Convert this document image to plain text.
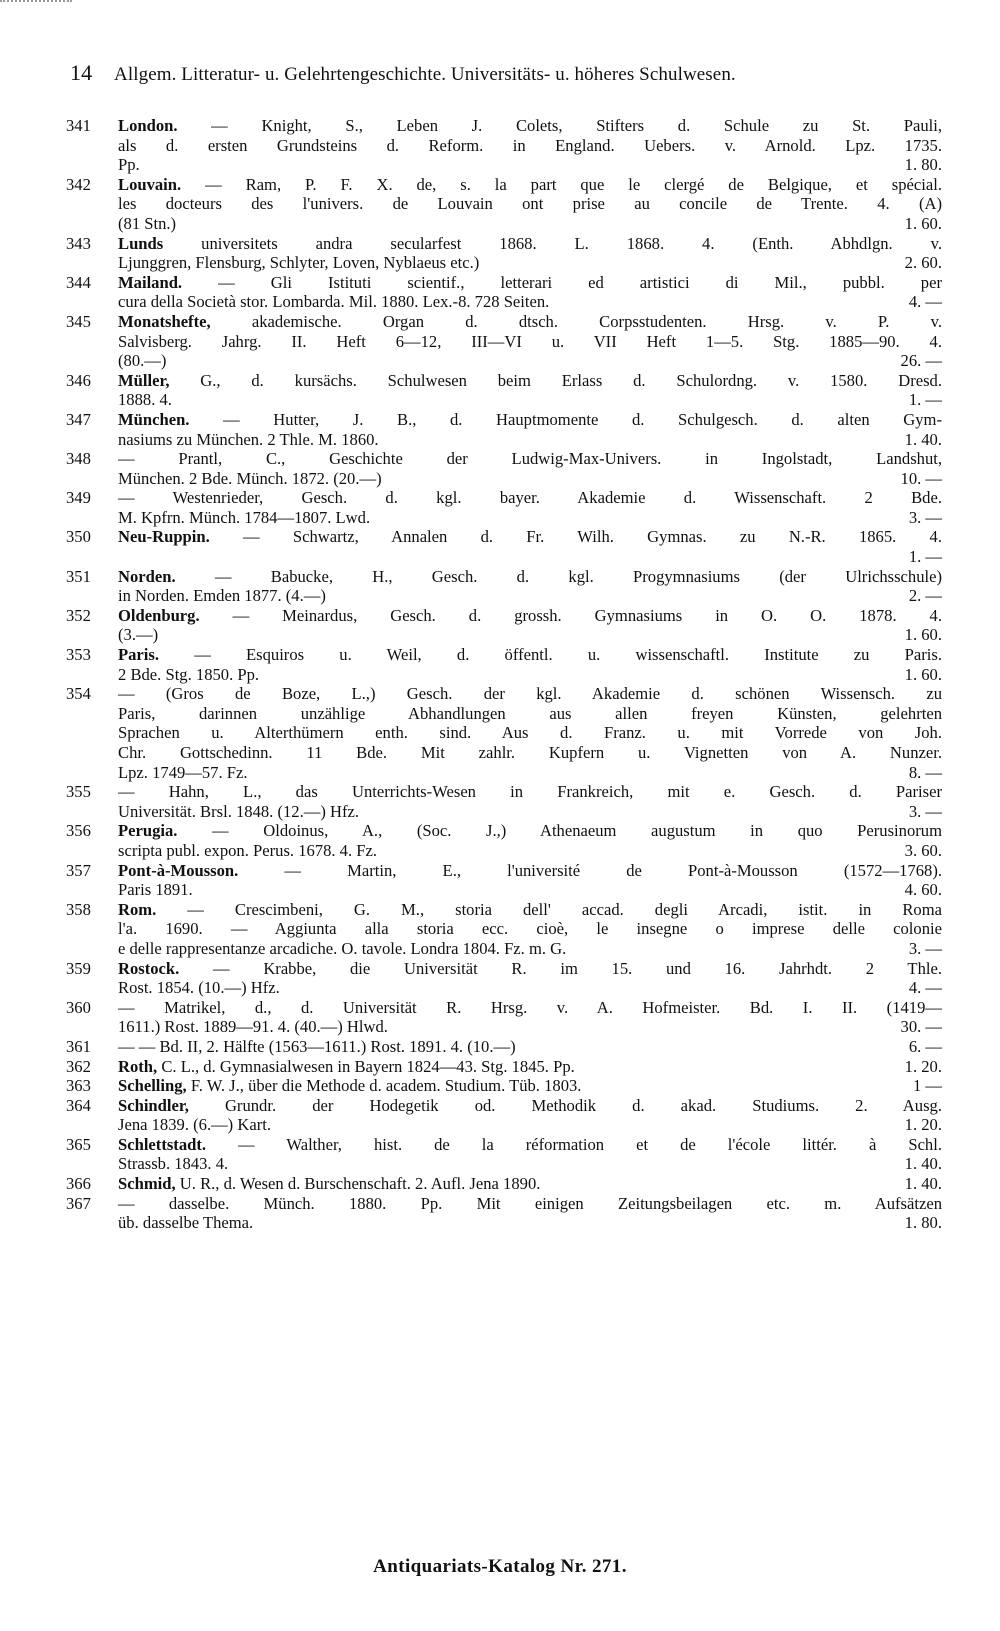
14 Allgem. Litteratur- u. Gelehrtengeschichte. Universitäts- u. höheres Schulwesen.
341	London. — Knight, S., Leben J. Colets, Stifters d. Schule zu St. Pauli,
als d. ersten Grundsteins d. Reform. in England. Uebers. v. Arnold. Lpz. 1735.
Pp.	1. 80.
342	Louvain. — Ram, P. F. X. de, s. la part que le clergé de Belgique, et spécial.
les docteurs des l'univers. de Louvain ont prise au concile de Trente. 4. (A)
(81 Stn.)	1. 60.
343	Lunds universitets andra secularfest 1868. L. 1868. 4. (Enth. Abhdlgn. v.
Ljunggren, Flensburg, Schlyter, Loven, Nyblaeus etc.)	2. 60.
344	Mailand. — Gli Istituti scientif., letterari ed artistici di Mil., pubbl. per
cura della Società stor. Lombarda. Mil. 1880. Lex.-8. 728 Seiten.	4. —
345	Monatshefte, akademische. Organ d. dtsch. Corpsstudenten. Hrsg. v. P. v.
Salvisberg. Jahrg. II. Heft 6—12, III—VI u. VII Heft 1—5. Stg. 1885—90. 4.
(80.—)	26. —
346	Müller, G., d. kursächs. Schulwesen beim Erlass d. Schulordng. v. 1580. Dresd.
1888. 4.	1. —
347	München. — Hutter, J. B., d. Hauptmomente d. Schulgesch. d. alten Gym-
nasiums zu München. 2 Thle. M. 1860.	1. 40.
348	— Prantl, C., Geschichte der Ludwig-Max-Univers. in Ingolstadt, Landshut,
München. 2 Bde. Münch. 1872. (20.—)	10. —
349	— Westenrieder, Gesch. d. kgl. bayer. Akademie d. Wissenschaft. 2 Bde.
M. Kpfrn. Münch. 1784—1807. Lwd.	3. —
350	Neu-Ruppin. — Schwartz, Annalen d. Fr. Wilh. Gymnas. zu N.-R. 1865. 4.
1. —
351	Norden. — Babucke, H., Gesch. d. kgl. Progymnasiums (der Ulrichsschule)
in Norden. Emden 1877. (4.—)	2. —
352	Oldenburg. — Meinardus, Gesch. d. grossh. Gymnasiums in O. O. 1878. 4.
(3.—)	1. 60.
353	Paris. — Esquiros u. Weil, d. öffentl. u. wissenschaftl. Institute zu Paris.
2 Bde. Stg. 1850. Pp.	1. 60.
354	— (Gros de Boze, L.,) Gesch. der kgl. Akademie d. schönen Wissensch. zu
Paris, darinnen unzählige Abhandlungen aus allen freyen Künsten, gelehrten
Sprachen u. Alterthümern enth. sind. Aus d. Franz. u. mit Vorrede von Joh.
Chr. Gottschedinn. 11 Bde. Mit zahlr. Kupfern u. Vignetten von A. Nunzer.
Lpz. 1749—57. Fz.	8. —
355	— Hahn, L., das Unterrichts-Wesen in Frankreich, mit e. Gesch. d. Pariser
Universität. Brsl. 1848. (12.—) Hfz.	3. —
356	Perugia. — Oldoinus, A., (Soc. J.,) Athenaeum augustum in quo Perusinorum
scripta publ. expon. Perus. 1678. 4. Fz.	3. 60.
357	Pont-à-Mousson. — Martin, E., l'université de Pont-à-Mousson (1572—1768).
Paris 1891.	4. 60.
358	Rom. — Crescimbeni, G. M., storia dell' accad. degli Arcadi, istit. in Roma
l'a. 1690. — Aggiunta alla storia ecc. cioè, le insegne o imprese delle colonie
e delle rappresentanze arcadiche. O. tavole. Londra 1804. Fz. m. G.	3. —
359	Rostock. — Krabbe, die Universität R. im 15. und 16. Jahrhdt. 2 Thle.
Rost. 1854. (10.—) Hfz.	4. —
360	— Matrikel, d., d. Universität R. Hrsg. v. A. Hofmeister. Bd. I. II. (1419—
1611.) Rost. 1889—91. 4. (40.—) Hlwd.	30. —
361	— — Bd. II, 2. Hälfte (1563—1611.) Rost. 1891. 4. (10.—)	6. —
362	Roth, C. L., d. Gymnasialwesen in Bayern 1824—43. Stg. 1845. Pp.	1. 20.
363	Schelling, F. W. J., über die Methode d. academ. Studium. Tüb. 1803.	1 —
364	Schindler, Grundr. der Hodegetik od. Methodik d. akad. Studiums. 2. Ausg.
Jena 1839. (6.—) Kart.	1. 20.
365	Schlettstadt. — Walther, hist. de la réformation et de l'école littér. à Schl.
Strassb. 1843. 4.	1. 40.
366	Schmid, U. R., d. Wesen d. Burschenschaft. 2. Aufl. Jena 1890.	1. 40.
367	— dasselbe. Münch. 1880. Pp. Mit einigen Zeitungsbeilagen etc. m. Aufsätzen
üb. dasselbe Thema.	1. 80.
Antiquariats-Katalog Nr. 271.
